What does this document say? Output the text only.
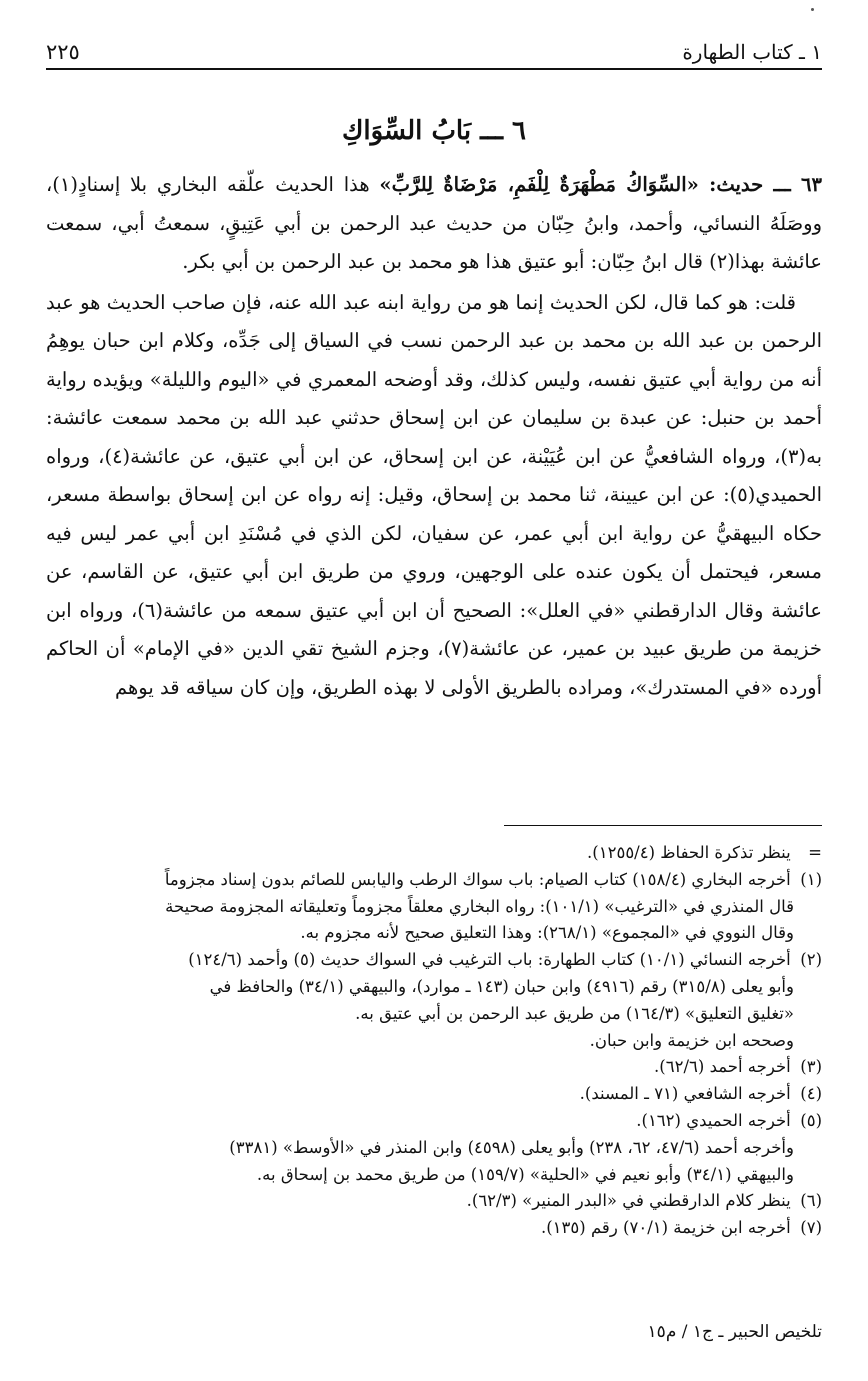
١ ـ كتاب الطهارة
٢٢٥
٦ ـــ بَابُ السِّوَاكِ

٦٣ ـــ حديث: «السِّوَاكُ مَطْهَرَةٌ لِلْفَمِ، مَرْضَاةٌ لِلرَّبِّ» هذا الحديث علّقه البخاري بلا إسنادٍ(١)، ووصَلَهُ النسائي، وأحمد، وابنُ حِبّان من حديث عبد الرحمن بن أبي عَتِيقٍ، سمعتُ أبي، سمعت عائشة بهذا(٢) قال ابنُ حِبّان: أبو عتيق هذا هو محمد بن عبد الرحمن بن أبي بكر.

قلت: هو كما قال، لكن الحديث إنما هو من رواية ابنه عبد الله عنه، فإن صاحب الحديث هو عبد الرحمن بن عبد الله بن محمد بن عبد الرحمن نسب في السياق إلى جَدِّه، وكلام ابن حبان يوهِمُ أنه من رواية أبي عتيق نفسه، وليس كذلك، وقد أوضحه المعمري في «اليوم والليلة» ويؤيده رواية أحمد بن حنبل: عن عبدة بن سليمان عن ابن إسحاق حدثني عبد الله بن محمد سمعت عائشة: به(٣)، ورواه الشافعيُّ عن ابن عُيَيْنة، عن ابن إسحاق، عن ابن أبي عتيق، عن عائشة(٤)، ورواه الحميدي(٥): عن ابن عيينة، ثنا محمد بن إسحاق، وقيل: إنه رواه عن ابن إسحاق بواسطة مسعر، حكاه البيهقيُّ عن رواية ابن أبي عمر، عن سفيان، لكن الذي في مُسْنَدِ ابن أبي عمر ليس فيه مسعر، فيحتمل أن يكون عنده على الوجهين، وروي من طريق ابن أبي عتيق، عن القاسم، عن عائشة وقال الدارقطني «في العلل»: الصحيح أن ابن أبي عتيق سمعه من عائشة(٦)، ورواه ابن خزيمة من طريق عبيد بن عمير، عن عائشة(٧)، وجزم الشيخ تقي الدين «في الإمام» أن الحاكم أورده «في المستدرك»، ومراده بالطريق الأولى لا بهذه الطريق، وإن كان سياقه قد يوهم

= ينظر تذكرة الحفاظ (١٢٥٥/٤).

(١) أخرجه البخاري (١٥٨/٤) كتاب الصيام: باب سواك الرطب واليابس للصائم بدون إسناد مجزوماً

قال المنذري في «الترغيب» (١٠١/١): رواه البخاري معلقاً مجزوماً وتعليقاته المجزومة صحيحة

وقال النووي في «المجموع» (٢٦٨/١): وهذا التعليق صحيح لأنه مجزوم به.

(٢) أخرجه النسائي (١٠/١) كتاب الطهارة: باب الترغيب في السواك حديث (٥) وأحمد (١٢٤/٦)

وأبو يعلى (٣١٥/٨) رقم (٤٩١٦) وابن حبان (١٤٣ ـ موارد)، والبيهقي (٣٤/١) والحافظ في

«تغليق التعليق» (١٦٤/٣) من طريق عبد الرحمن بن أبي عتيق به.

وصححه ابن خزيمة وابن حبان.

(٣) أخرجه أحمد (٦٢/٦).

(٤) أخرجه الشافعي (٧١ ـ المسند).

(٥) أخرجه الحميدي (١٦٢).

وأخرجه أحمد (٤٧/٦، ٦٢، ٢٣٨) وأبو يعلى (٤٥٩٨) وابن المنذر في «الأوسط» (٣٣٨١)

والبيهقي (٣٤/١) وأبو نعيم في «الحلية» (١٥٩/٧) من طريق محمد بن إسحاق به.

(٦) ينظر كلام الدارقطني في «البدر المنير» (٦٢/٣).

(٧) أخرجه ابن خزيمة (٧٠/١) رقم (١٣٥).

تلخيص الحبير ـ ج١ / م١٥
